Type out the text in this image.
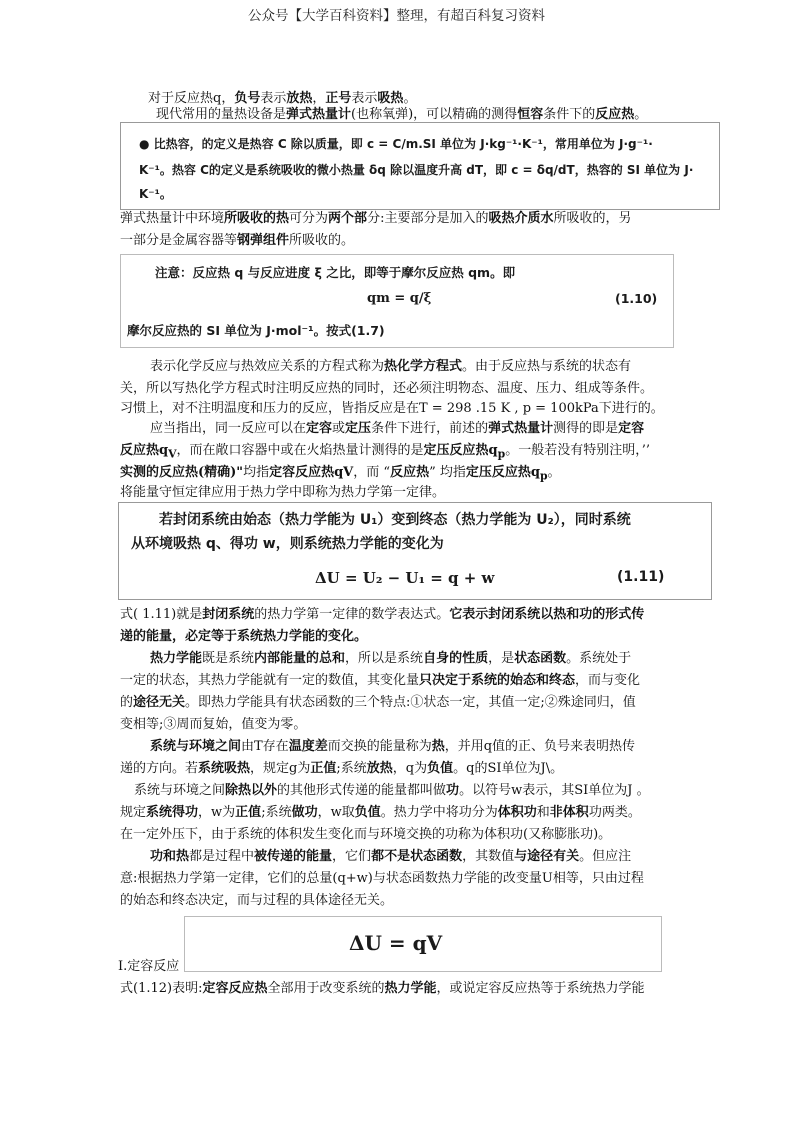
公众号【大学百科资料】整理，有超百科复习资料
对于反应热q，负号表示放热，正号表示吸热。
现代常用的量热设备是弹式热量计(也称氧弹)，可以精确的测得恒容条件下的反应热。
● 比热容，的定义是热容 C 除以质量，即 c = C/m.SI 单位为 J·kg⁻¹·K⁻¹，常用单位为 J·g⁻¹·
K⁻¹。热容 C的定义是系统吸收的微小热量 δq 除以温度升高 dT，即 c = δq/dT，热容的 SI 单位为 J·
K⁻¹。
弹式热量计中环境所吸收的热可分为两个部分:主要部分是加入的吸热介质水所吸收的，另
一部分是金属容器等钢弹组件所吸收的。
注意：反应热 q 与反应进度 ξ 之比，即等于摩尔反应热 qm。即
qm = q/ξ	(1.10)
摩尔反应热的 SI 单位为 J·mol⁻¹。按式(1.7)
表示化学反应与热效应关系的方程式称为热化学方程式。由于反应热与系统的状态有
关，所以写热化学方程式时注明反应热的同时，还必须注明物态、温度、压力、组成等条件。
习惯上，对不注明温度和压力的反应，皆指反应是在T = 298 .15 K , p = 100kPa下进行的。
应当指出，同一反应可以在定容或定压条件下进行，前述的弹式热量计测得的即是定容
反应热$q_V$，而在敞口容器中或在火焰热量计测得的是定压反应热$q_p$。一般若没有特别注明，’’
实测的反应热(精确)"均指定容反应热qV，而 “反应热” 均指定压反应热$q_p$。
将能量守恒定律应用于热力学中即称为热力学第一定律。
若封闭系统由始态（热力学能为 U₁）变到终态（热力学能为 U₂），同时系统
从环境吸热 q、得功 w，则系统热力学能的变化为
ΔU = U₂ − U₁ = q + w	(1.11)
式( 1.11)就是封闭系统的热力学第一定律的数学表达式。它表示封闭系统以热和功的形式传
递的能量，必定等于系统热力学能的变化。
热力学能既是系统内部能量的总和，所以是系统自身的性质，是状态函数。系统处于
一定的状态，其热力学能就有一定的数值，其变化量只决定于系统的始态和终态，而与变化
的途径无关。即热力学能具有状态函数的三个特点:①状态一定，其值一定;②殊途同归，值
变相等;③周而复始，值变为零。
系统与环境之间由T存在温度差而交换的能量称为热，并用q值的正、负号来表明热传
递的方向。若系统吸热，规定g为正值;系统放热，q为负值。q的SI单位为J\。
系统与环境之间除热以外的其他形式传递的能量都叫做功。以符号w表示，其SI单位为J 。
规定系统得功，w为正值;系统做功，w取负值。热力学中将功分为体积功和非体积功两类。
在一定外压下，由于系统的体积发生变化而与环境交换的功称为体积功(又称膨胀功)。
功和热都是过程中被传递的能量，它们都不是状态函数，其数值与途径有关。但应注
意:根据热力学第一定律，它们的总量(q+w)与状态函数热力学能的改变量U相等，只由过程
的始态和终态决定，而与过程的具体途径无关。
ΔU = qV
I.定容反应
式(1.12)表明:定容反应热全部用于改变系统的热力学能，或说定容反应热等于系统热力学能
